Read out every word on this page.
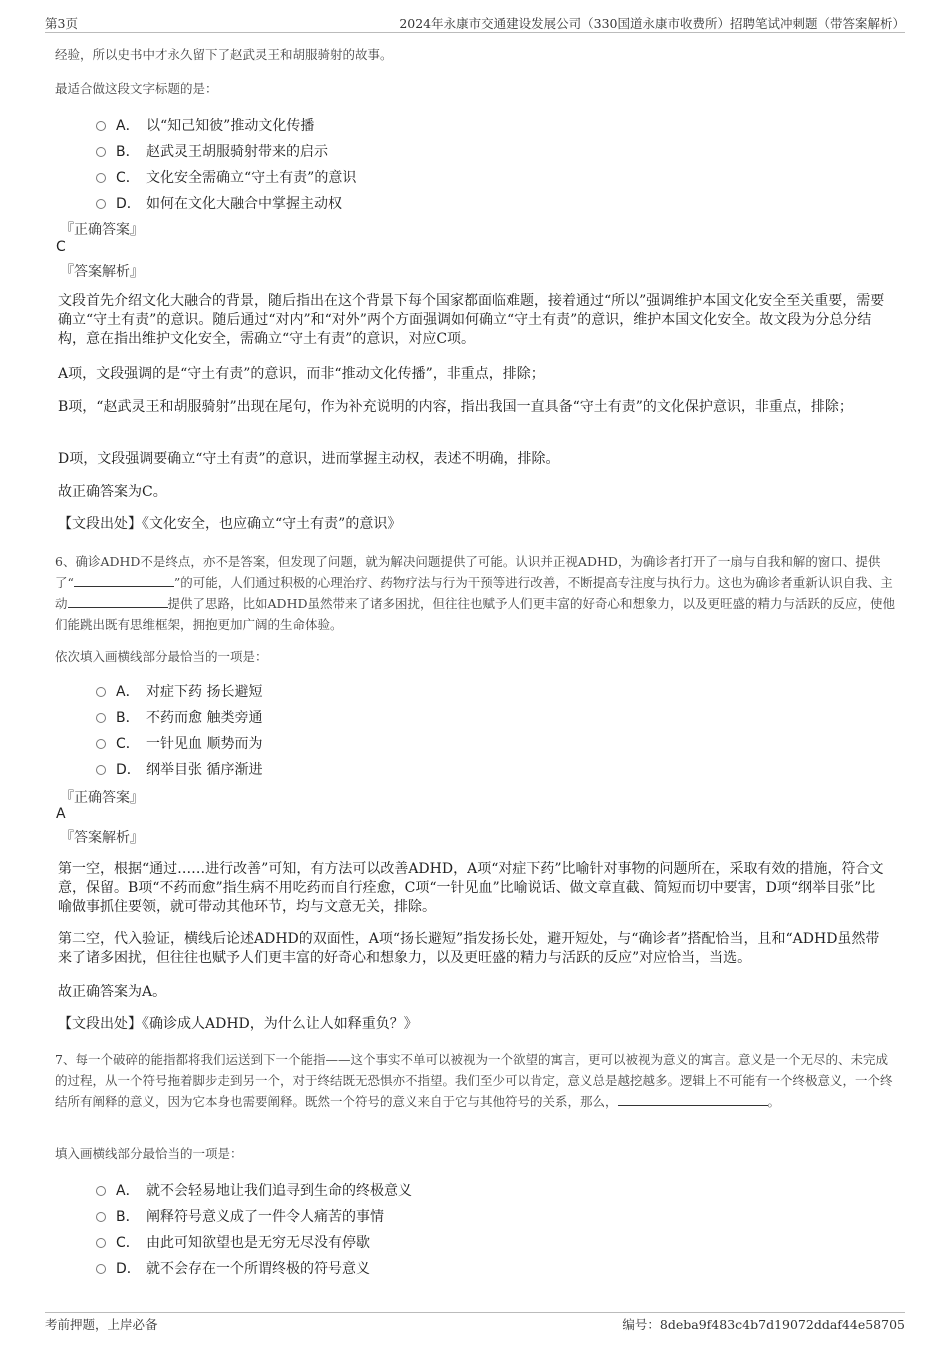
第3页	2024年永康市交通建设发展公司（330国道永康市收费所）招聘笔试冲刺题（带答案解析）
经验，所以史书中才永久留下了赵武灵王和胡服骑射的故事。
最适合做这段文字标题的是：
A． 以“知己知彼”推动文化传播
B． 赵武灵王胡服骑射带来的启示
C． 文化安全需确立“守土有责”的意识
D． 如何在文化大融合中掌握主动权
『正确答案』
C
『答案解析』
文段首先介绍文化大融合的背景，随后指出在这个背景下每个国家都面临难题，接着通过“所以”强调维护本国文化安全至关重要，需要确立“守土有责”的意识。随后通过“对内”和“对外”两个方面强调如何确立“守土有责”的意识，维护本国文化安全。故文段为分总分结构，意在指出维护文化安全，需确立“守土有责”的意识，对应C项。
A项，文段强调的是“守土有责”的意识，而非“推动文化传播”，非重点，排除；
B项，“赵武灵王和胡服骑射”出现在尾句，作为补充说明的内容，指出我国一直具备“守土有责”的文化保护意识，非重点，排除；
D项，文段强调要确立“守土有责”的意识，进而掌握主动权，表述不明确，排除。
故正确答案为C。
【文段出处】《文化安全，也应确立“守土有责”的意识》
6、确诊ADHD不是终点，亦不是答案，但发现了问题，就为解决问题提供了可能。认识并正视ADHD，为确诊者打开了一扇与自我和解的窗口、提供了“	”的可能，人们通过积极的心理治疗、药物疗法与行为干预等进行改善，不断提高专注度与执行力。这也为确诊者重新认识自我、主动	提供了思路，比如ADHD虽然带来了诸多困扰，但往往也赋予人们更丰富的好奇心和想象力，以及更旺盛的精力与活跃的反应，使他们能跳出既有思维框架，拥抱更加广阔的生命体验。
依次填入画横线部分最恰当的一项是：
A． 对症下药 扬长避短
B． 不药而愈 触类旁通
C． 一针见血 顺势而为
D． 纲举目张 循序渐进
『正确答案』
A
『答案解析』
第一空，根据“通过……进行改善”可知，有方法可以改善ADHD，A项“对症下药”比喻针对事物的问题所在，采取有效的措施，符合文意，保留。B项“不药而愈”指生病不用吃药而自行痊愈，C项“一针见血”比喻说话、做文章直截、简短而切中要害，D项“纲举目张”比喻做事抓住要领，就可带动其他环节，均与文意无关，排除。
第二空，代入验证，横线后论述ADHD的双面性，A项“扬长避短”指发扬长处，避开短处，与“确诊者”搭配恰当，且和“ADHD虽然带来了诸多困扰，但往往也赋予人们更丰富的好奇心和想象力，以及更旺盛的精力与活跃的反应”对应恰当，当选。
故正确答案为A。
【文段出处】《确诊成人ADHD，为什么让人如释重负？》
7、每一个破碎的能指都将我们运送到下一个能指——这个事实不单可以被视为一个欲望的寓言，更可以被视为意义的寓言。意义是一个无尽的、未完成的过程，从一个符号拖着脚步走到另一个，对于终结既无恐惧亦不指望。我们至少可以肯定，意义总是越挖越多。逻辑上不可能有一个终极意义，一个终结所有阐释的意义，因为它本身也需要阐释。既然一个符号的意义来自于它与其他符号的关系，那么，	。
填入画横线部分最恰当的一项是：
A． 就不会轻易地让我们追寻到生命的终极意义
B． 阐释符号意义成了一件令人痛苦的事情
C． 由此可知欲望也是无穷无尽没有停歇
D． 就不会存在一个所谓终极的符号意义
考前押题，上岸必备	编号：8deba9f483c4b7d19072ddaf44e58705
